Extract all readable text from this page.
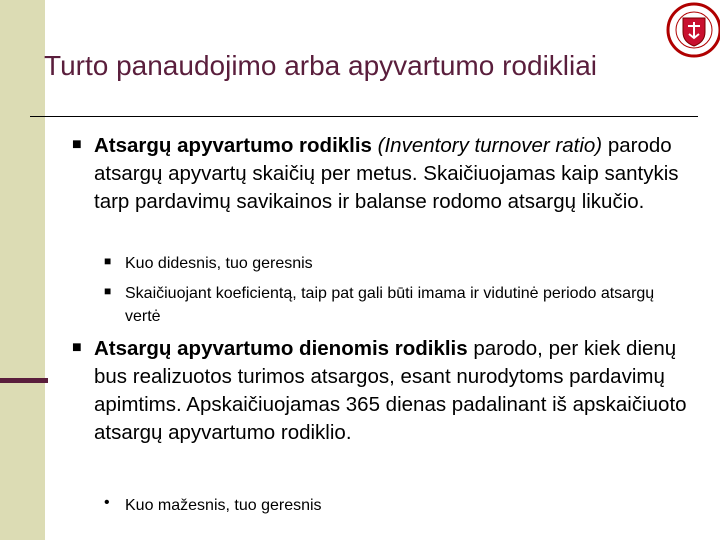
Turto panaudojimo arba apyvartumo rodikliai
■ Atsargų apyvartumo rodiklis (Inventory turnover ratio) parodo atsargų apyvartų skaičių per metus. Skaičiuojamas kaip santykis tarp pardavimų savikainos ir balanse rodomo atsargų likučio.
■ Kuo didesnis, tuo geresnis
■ Skaičiuojant koeficientą, taip pat gali būti imama ir vidutinė periodo atsargų vertė
■ Atsargų apyvartumo dienomis rodiklis parodo, per kiek dienų bus realizuotos turimos atsargos, esant nurodytoms pardavimų apimtims. Apskaičiuojamas 365 dienas padalinant iš apskaičiuoto atsargų apyvartumo rodiklio.
• Kuo mažesnis, tuo geresnis
